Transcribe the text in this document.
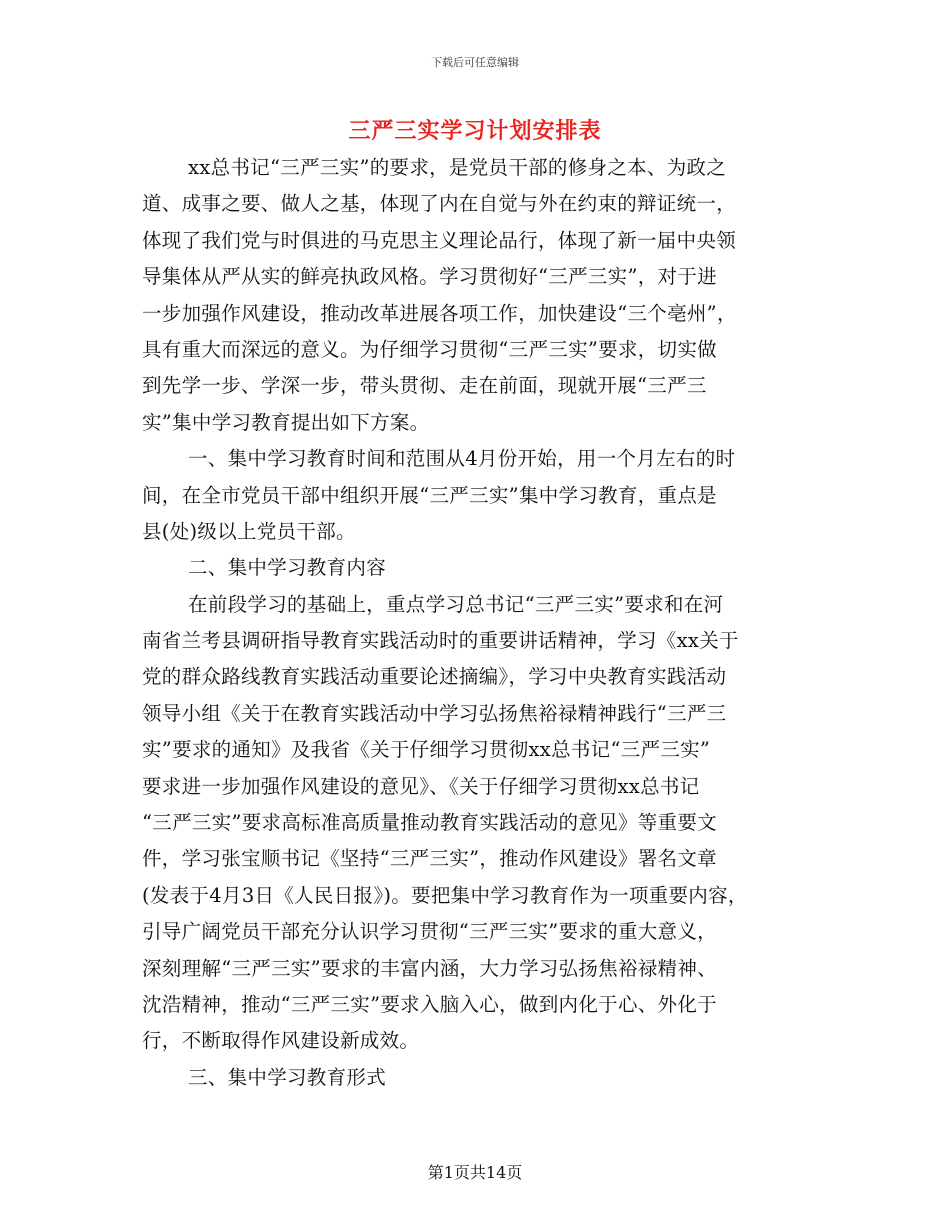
下载后可任意编辑
三严三实学习计划安排表
xx总书记“三严三实”的要求，是党员干部的修身之本、为政之
道、成事之要、做人之基，体现了内在自觉与外在约束的辩证统一，
体现了我们党与时俱进的马克思主义理论品行，体现了新一届中央领
导集体从严从实的鲜亮执政风格。学习贯彻好“三严三实”，对于进
一步加强作风建设，推动改革进展各项工作，加快建设“三个亳州”，
具有重大而深远的意义。为仔细学习贯彻“三严三实”要求，切实做
到先学一步、学深一步，带头贯彻、走在前面，现就开展“三严三
实”集中学习教育提出如下方案。
一、集中学习教育时间和范围从4月份开始，用一个月左右的时
间，在全市党员干部中组织开展“三严三实”集中学习教育，重点是
县(处)级以上党员干部。
二、集中学习教育内容
在前段学习的基础上，重点学习总书记“三严三实”要求和在河
南省兰考县调研指导教育实践活动时的重要讲话精神，学习《xx关于
党的群众路线教育实践活动重要论述摘编》，学习中央教育实践活动
领导小组《关于在教育实践活动中学习弘扬焦裕禄精神践行“三严三
实”要求的通知》及我省《关于仔细学习贯彻xx总书记“三严三实”
要求进一步加强作风建设的意见》、《关于仔细学习贯彻xx总书记
“三严三实”要求高标准高质量推动教育实践活动的意见》等重要文
件，学习张宝顺书记《坚持“三严三实”，推动作风建设》署名文章
(发表于4月3日《人民日报》)。要把集中学习教育作为一项重要内容，
引导广阔党员干部充分认识学习贯彻“三严三实”要求的重大意义，
深刻理解“三严三实”要求的丰富内涵，大力学习弘扬焦裕禄精神、
沈浩精神，推动“三严三实”要求入脑入心，做到内化于心、外化于
行，不断取得作风建设新成效。
三、集中学习教育形式
第1页共14页
